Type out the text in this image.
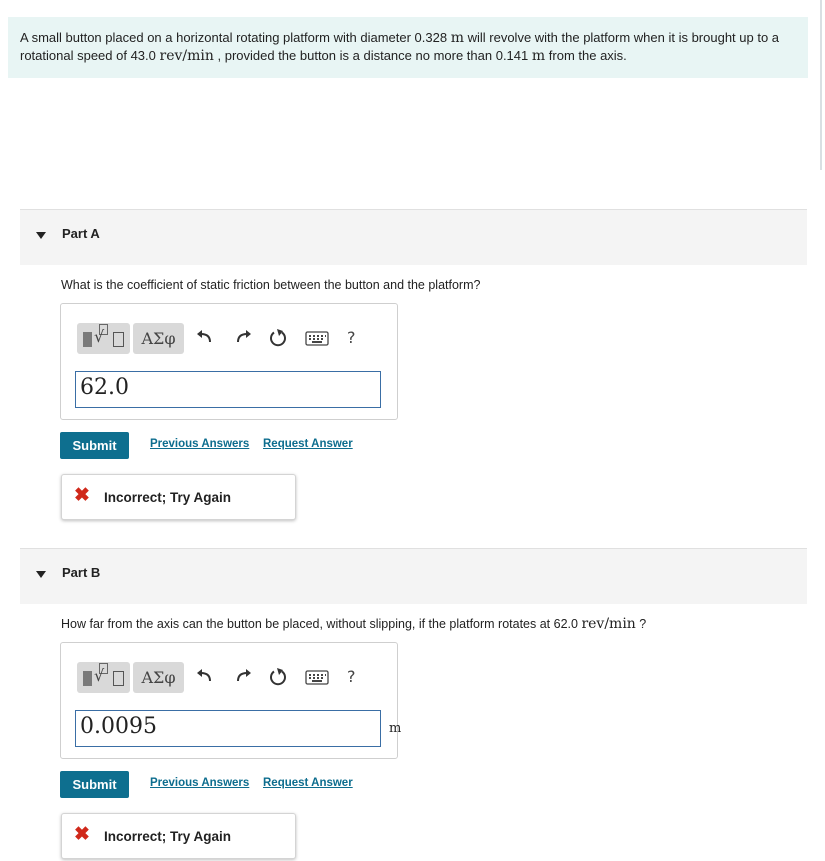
A small button placed on a horizontal rotating platform with diameter 0.328 m will revolve with the platform when it is brought up to a
rotational speed of 43.0 rev/min , provided the button is a distance no more than 0.141 m from the axis.
Part A
What is the coefficient of static friction between the button and the platform?
√	ΑΣφ	?
62.0
Submit	Previous Answers Request Answer
✖ Incorrect; Try Again
Part B
How far from the axis can the button be placed, without slipping, if the platform rotates at 62.0 rev/min ?
√	ΑΣφ	?
0.0095	m
Submit	Previous Answers Request Answer
✖ Incorrect; Try Again
